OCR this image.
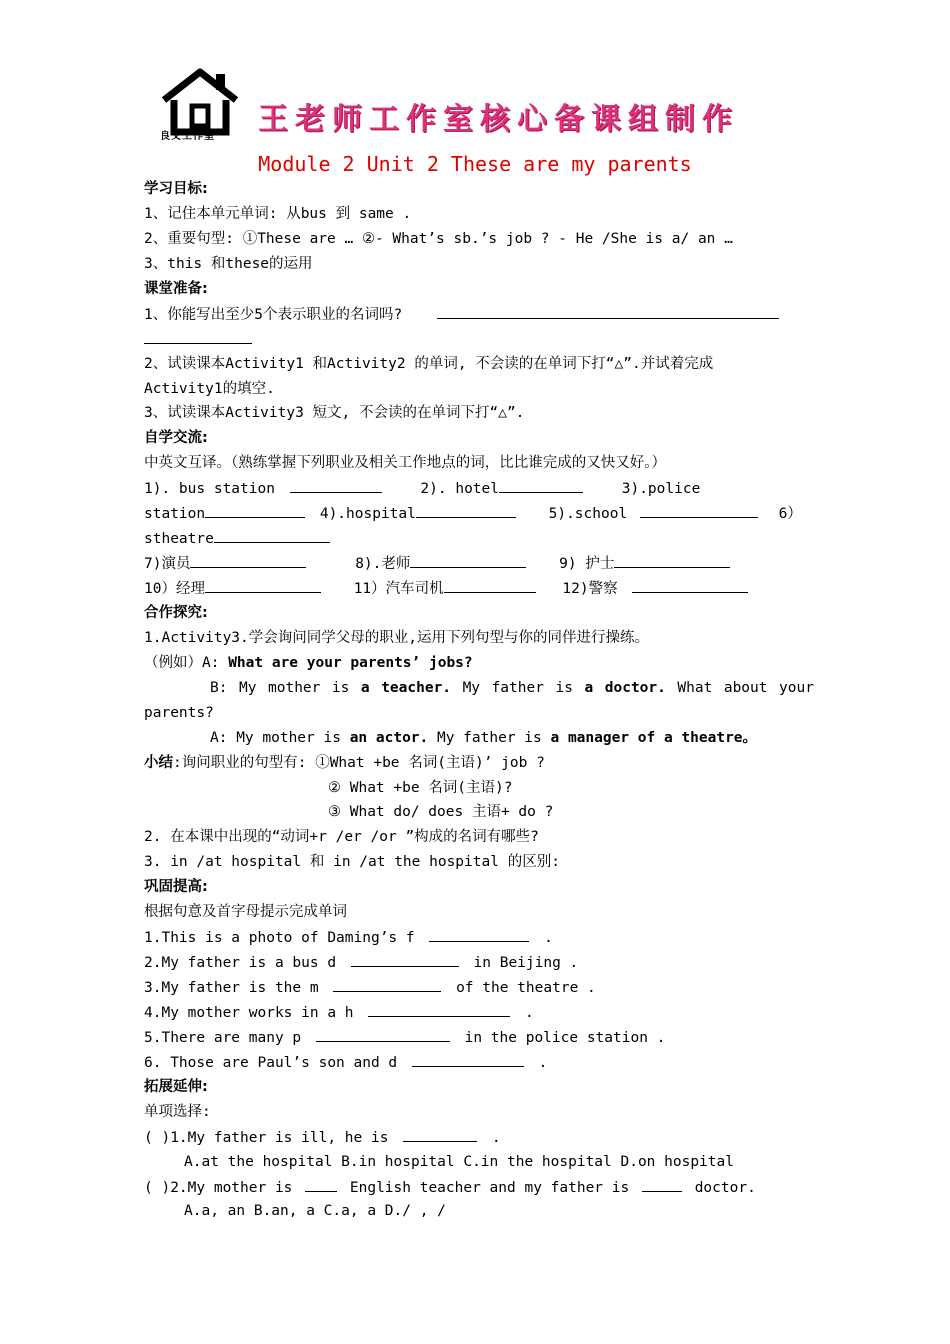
良文工作室 王老师工作室核心备课组制作
Module 2 Unit 2 These are my parents
学习目标:
1、记住本单元单词: 从bus 到 same .
2、重要句型: ①These are … ②- What’s sb.’s job ? - He /She is a/ an …
3、this 和these的运用
课堂准备:
1、你能写出至少5个表示职业的名词吗?
2、试读课本Activity1 和Activity2 的单词, 不会读的在单词下打“△”.并试着完成
Activity1的填空.
3、试读课本Activity3 短文, 不会读的在单词下打“△”.
自学交流:
中英文互译。（熟练掌握下列职业及相关工作地点的词，比比谁完成的又快又好。）
1). bus station	2). hotel	3).police
station	4).hospital	5).school	6）
stheatre
7)演员	8).老师	9) 护士
10）经理	11）汽车司机	12)警察
合作探究:
1.Activity3.学会询问同学父母的职业,运用下列句型与你的同伴进行操练。
（例如）A: What are your parents’ jobs?
B: My mother is a teacher. My father is a doctor. What about your
parents?
A: My mother is an actor. My father is a manager of a theatre。
小结:询问职业的句型有: ①What +be 名词(主语)’ job ?
② What +be 名词(主语)?
③ What do/ does 主语+ do ?
2. 在本课中出现的“动词+r /er /or ”构成的名词有哪些?
3. in /at hospital 和 in /at the hospital 的区别:
巩固提高:
根据句意及首字母提示完成单词
1.This is a photo of Daming’s f	.
2.My father is a bus d	in Beijing .
3.My father is the m	of the theatre .
4.My mother works in a h	.
5.There are many p	in the police station .
6. Those are Paul’s son and d	.
拓展延伸:
单项选择:
( )1.My father is ill, he is	.
A.at the hospital B.in hospital C.in the hospital D.on hospital
( )2.My mother is	English teacher and my father is	doctor.
A.a, an B.an, a C.a, a D./ , /
